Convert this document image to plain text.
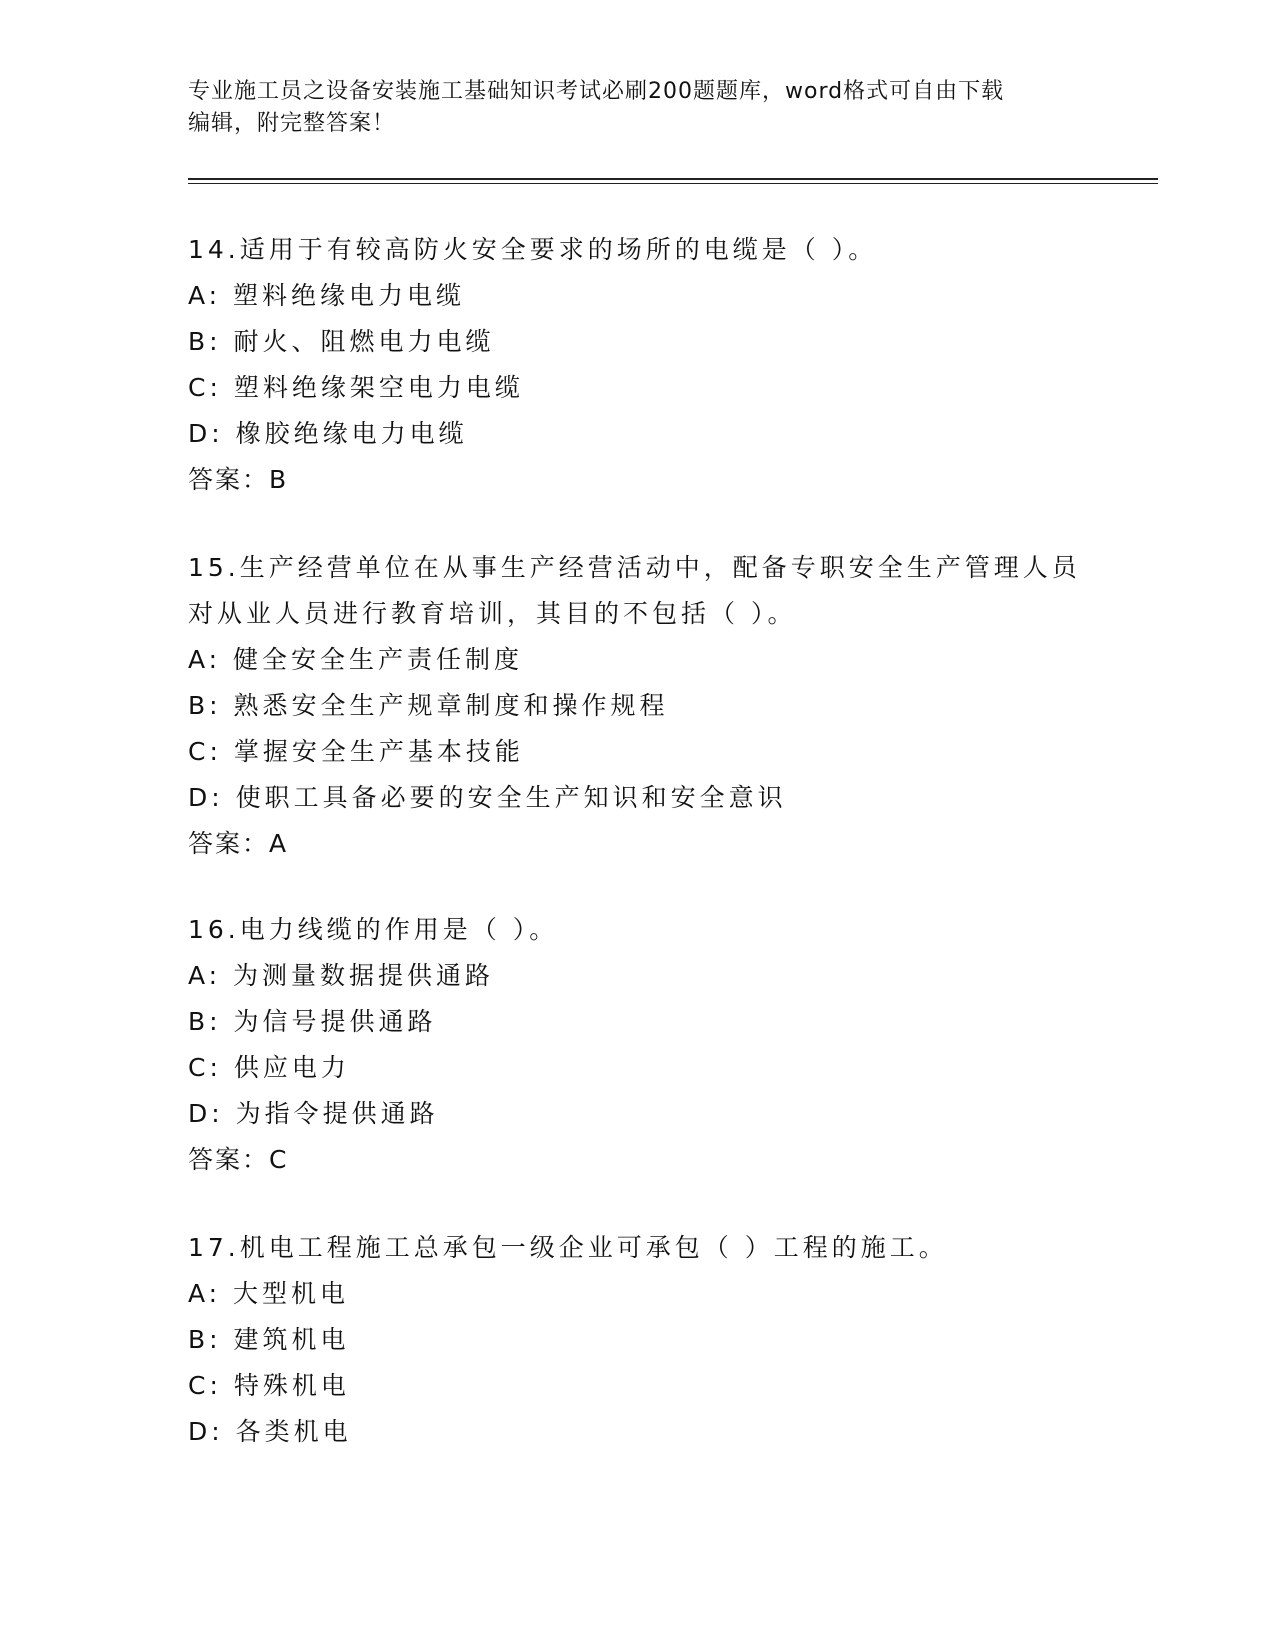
专业施工员之设备安装施工基础知识考试必刷200题题库，word格式可自由下载
编辑，附完整答案！

14.适用于有较高防火安全要求的场所的电缆是（ ）。

A: 塑料绝缘电力电缆

B: 耐火、阻燃电力电缆

C: 塑料绝缘架空电力电缆

D: 橡胶绝缘电力电缆

答案：B

15.生产经营单位在从事生产经营活动中，配备专职安全生产管理人员

对从业人员进行教育培训，其目的不包括（ ）。

A: 健全安全生产责任制度

B: 熟悉安全生产规章制度和操作规程

C: 掌握安全生产基本技能

D: 使职工具备必要的安全生产知识和安全意识

答案：A

16.电力线缆的作用是（ ）。

A: 为测量数据提供通路

B: 为信号提供通路

C: 供应电力

D: 为指令提供通路

答案：C

17.机电工程施工总承包一级企业可承包（ ）工程的施工。

A: 大型机电

B: 建筑机电

C: 特殊机电

D: 各类机电
